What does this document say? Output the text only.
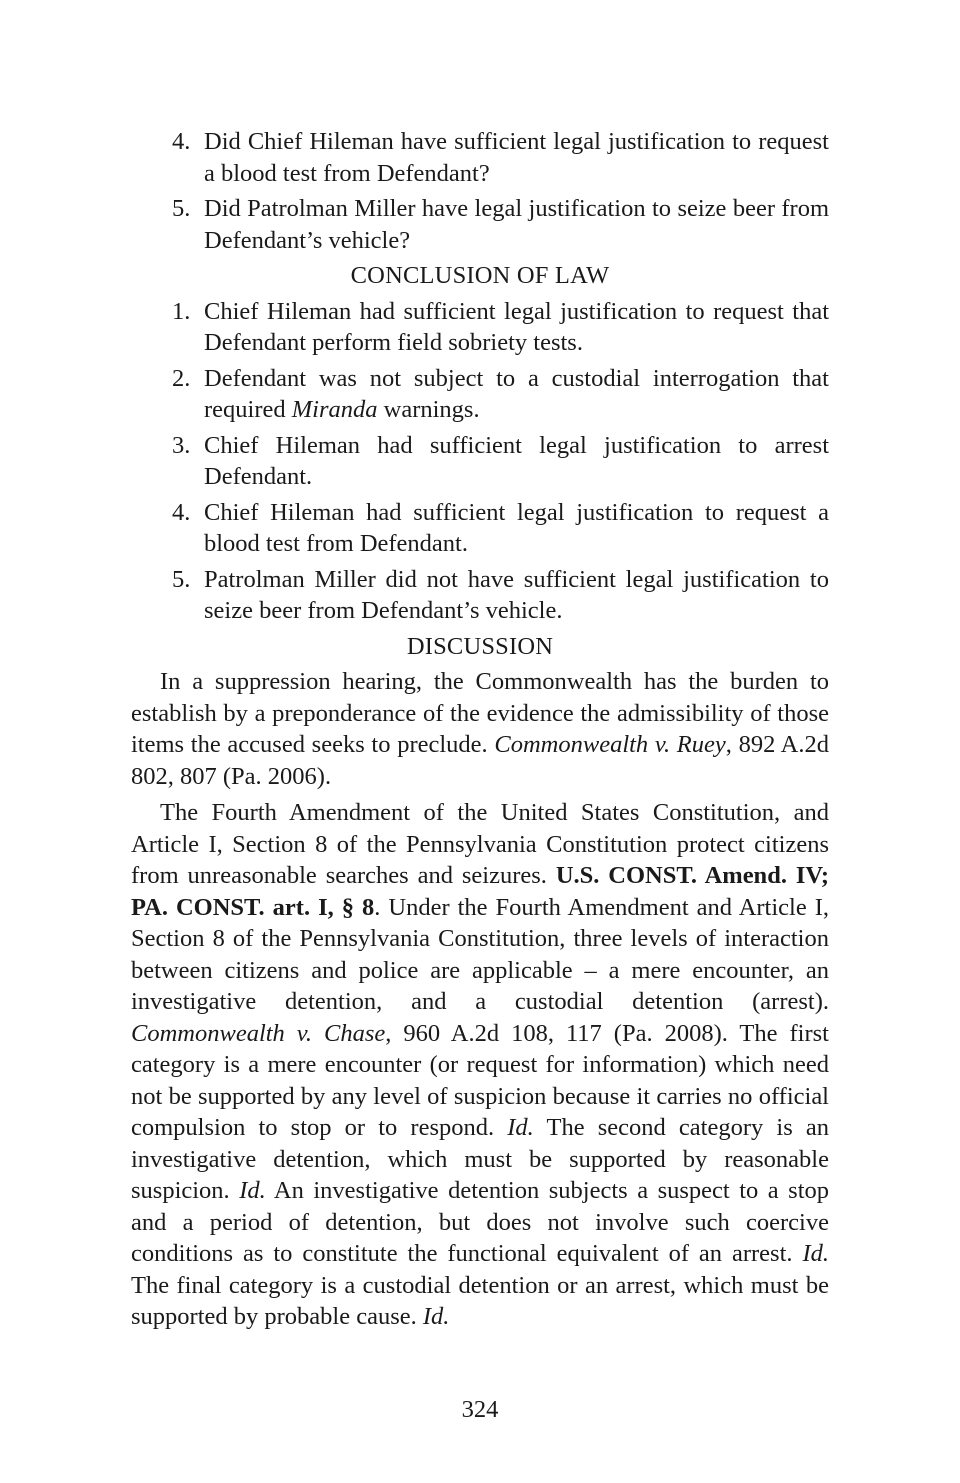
4. Did Chief Hileman have sufficient legal justification to request a blood test from Defendant?
5. Did Patrolman Miller have legal justification to seize beer from Defendant’s vehicle?
CONCLUSION OF LAW
1. Chief Hileman had sufficient legal justification to request that Defendant perform field sobriety tests.
2. Defendant was not subject to a custodial interrogation that required Miranda warnings.
3. Chief Hileman had sufficient legal justification to arrest Defendant.
4. Chief Hileman had sufficient legal justification to request a blood test from Defendant.
5. Patrolman Miller did not have sufficient legal justification to seize beer from Defendant’s vehicle.
DISCUSSION

In a suppression hearing, the Commonwealth has the burden to establish by a preponderance of the evidence the admissibility of those items the accused seeks to preclude. Commonwealth v. Ruey, 892 A.2d 802, 807 (Pa. 2006).

The Fourth Amendment of the United States Constitution, and Article I, Section 8 of the Pennsylvania Constitution protect citizens from unreasonable searches and seizures. U.S. CONST. Amend. IV; PA. CONST. art. I, § 8. Under the Fourth Amendment and Article I, Section 8 of the Pennsylvania Constitution, three levels of interaction between citizens and police are applicable – a mere encounter, an investigative detention, and a custodial detention (arrest). Commonwealth v. Chase, 960 A.2d 108, 117 (Pa. 2008). The first category is a mere encounter (or request for information) which need not be supported by any level of suspicion because it carries no official compulsion to stop or to respond. Id. The second category is an investigative detention, which must be supported by reasonable suspicion. Id. An investigative detention subjects a suspect to a stop and a period of detention, but does not involve such coercive conditions as to constitute the functional equivalent of an arrest. Id. The final category is a custodial detention or an arrest, which must be supported by probable cause. Id.

324
